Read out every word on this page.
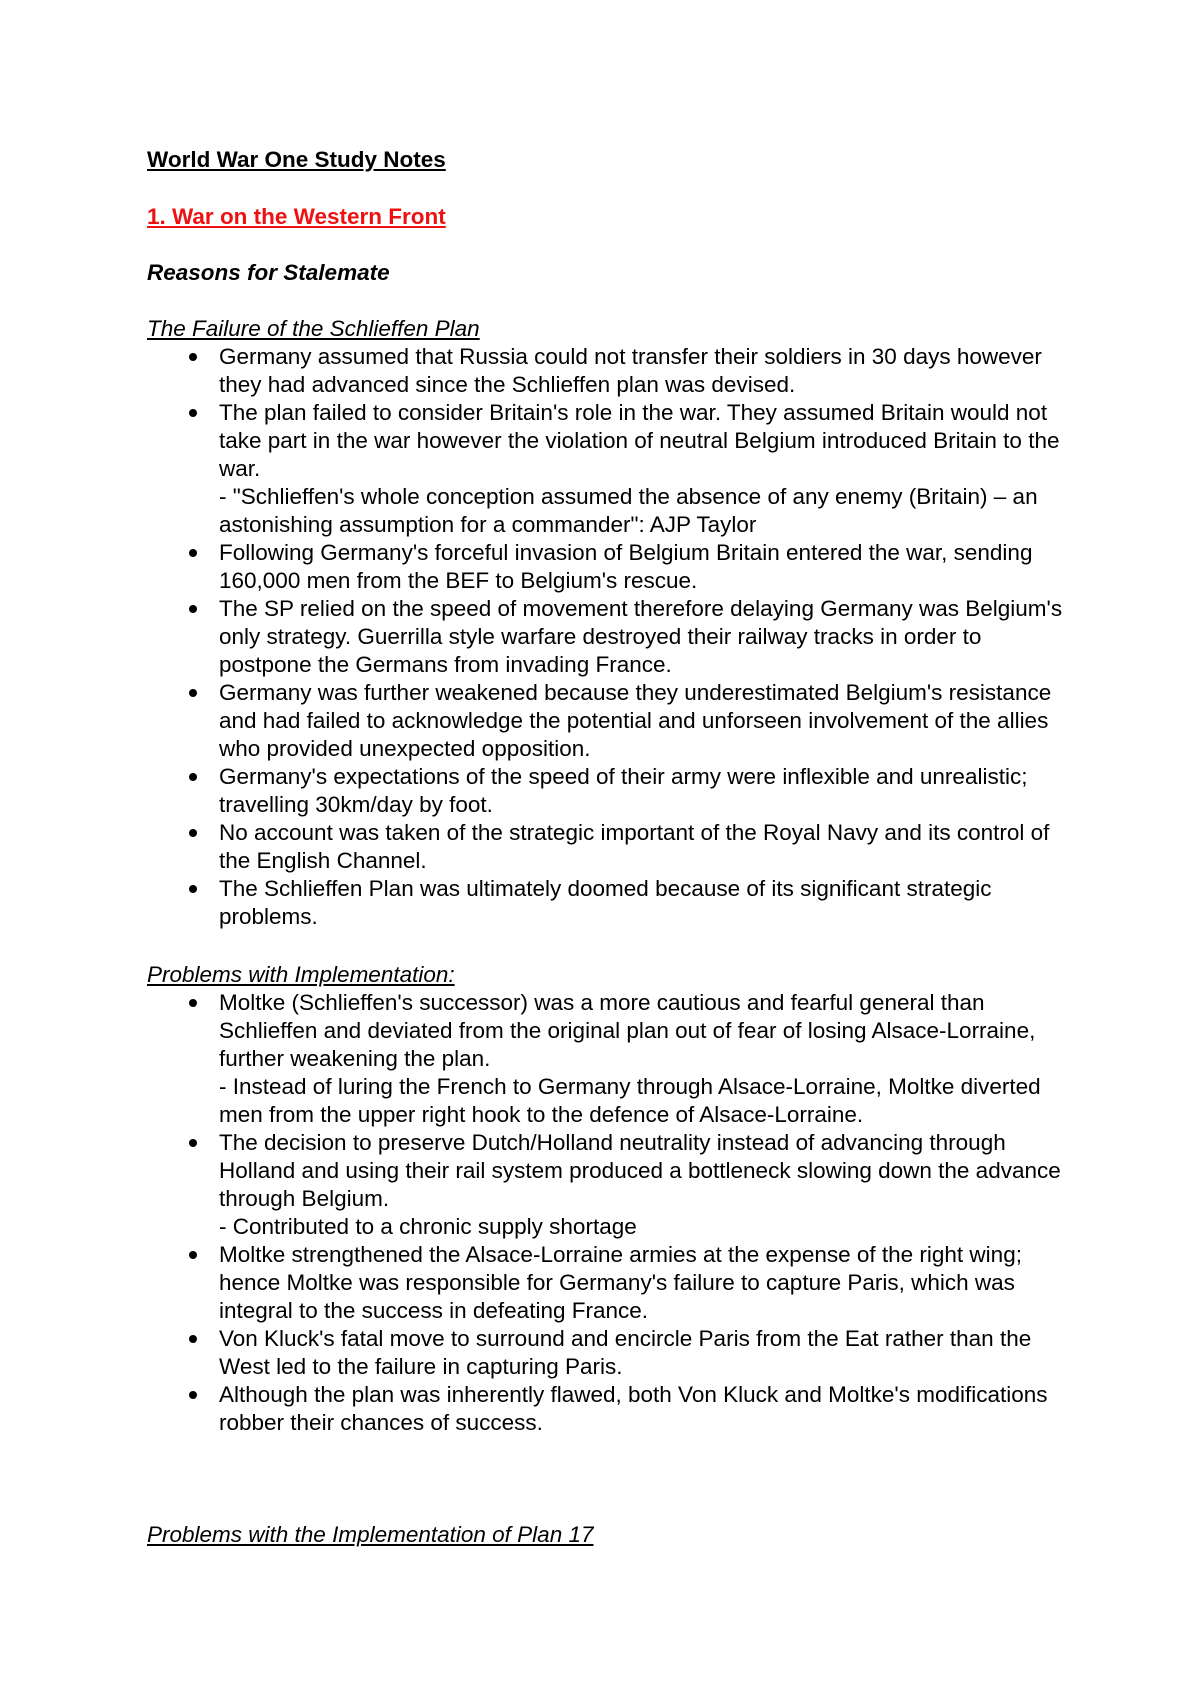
World War One Study Notes
1. War on the Western Front
Reasons for Stalemate
The Failure of the Schlieffen Plan
Germany assumed that Russia could not transfer their soldiers in 30 days however they had advanced since the Schlieffen plan was devised.
The plan failed to consider Britain's role in the war. They assumed Britain would not take part in the war however the violation of neutral Belgium introduced Britain to the war.
- "Schlieffen's whole conception assumed the absence of any enemy (Britain) – an astonishing assumption for a commander": AJP Taylor
Following Germany's forceful invasion of Belgium Britain entered the war, sending 160,000 men from the BEF to Belgium's rescue.
The SP relied on the speed of movement therefore delaying Germany was Belgium's only strategy. Guerrilla style warfare destroyed their railway tracks in order to postpone the Germans from invading France.
Germany was further weakened because they underestimated Belgium's resistance and had failed to acknowledge the potential and unforseen involvement of the allies who provided unexpected opposition.
Germany's expectations of the speed of their army were inflexible and unrealistic; travelling 30km/day by foot.
No account was taken of the strategic important of the Royal Navy and its control of the English Channel.
The Schlieffen Plan was ultimately doomed because of its significant strategic problems.
Problems with Implementation:
Moltke (Schlieffen's successor) was a more cautious and fearful general than Schlieffen and deviated from the original plan out of fear of losing Alsace-Lorraine, further weakening the plan.
- Instead of luring the French to Germany through Alsace-Lorraine, Moltke diverted men from the upper right hook to the defence of Alsace-Lorraine.
The decision to preserve Dutch/Holland neutrality instead of advancing through Holland and using their rail system produced a bottleneck slowing down the advance through Belgium.
- Contributed to a chronic supply shortage
Moltke strengthened the Alsace-Lorraine armies at the expense of the right wing; hence Moltke was responsible for Germany's failure to capture Paris, which was integral to the success in defeating France.
Von Kluck's fatal move to surround and encircle Paris from the Eat rather than the West led to the failure in capturing Paris.
Although the plan was inherently flawed, both Von Kluck and Moltke's modifications robber their chances of success.
Problems with the Implementation of Plan 17
